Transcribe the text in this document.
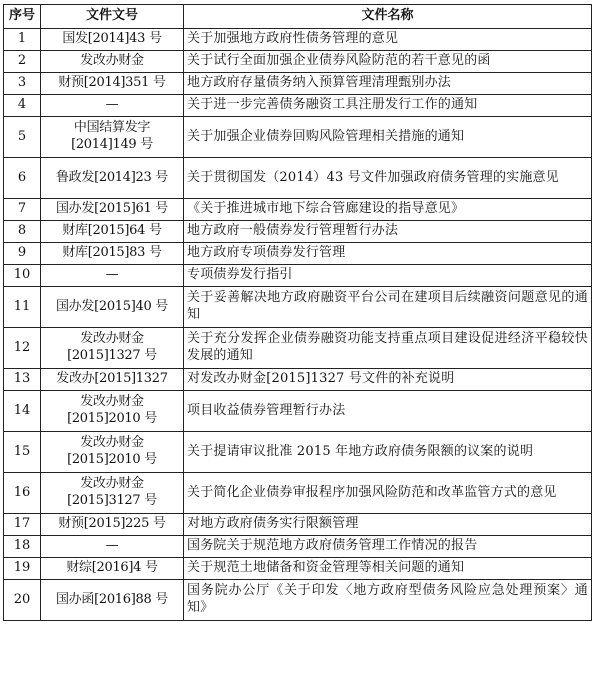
序号	文件文号	文件名称
1	国发[2014]43 号	关于加强地方政府性债务管理的意见
2	发改办财金	关于试行全面加强企业债券风险防范的若干意见的函
3	财预[2014]351 号	地方政府存量债务纳入预算管理清理甄别办法
4	—	关于进一步完善债务融资工具注册发行工作的通知
5	中国结算发字[2014]149 号	关于加强企业债券回购风险管理相关措施的通知
6	鲁政发[2014]23 号	关于贯彻国发（2014）43 号文件加强政府债务管理的实施意见
7	国办发[2015]61 号	《关于推进城市地下综合管廊建设的指导意见》
8	财库[2015]64 号	地方政府一般债券发行管理暂行办法
9	财库[2015]83 号	地方政府专项债券发行管理
10	—	专项债券发行指引
11	国办发[2015]40 号	关于妥善解决地方政府融资平台公司在建项目后续融资问题意见的通知
12	发改办财金[2015]1327 号	关于充分发挥企业债券融资功能支持重点项目建设促进经济平稳较快发展的通知
13	发改办[2015]1327	对发改办财金[2015]1327 号文件的补充说明
14	发改办财金[2015]2010 号	项目收益债券管理暂行办法
15	发改办财金[2015]2010 号	关于提请审议批准 2015 年地方政府债务限额的议案的说明
16	发改办财金[2015]3127 号	关于简化企业债券审报程序加强风险防范和改革监管方式的意见
17	财预[2015]225 号	对地方政府债务实行限额管理
18	—	国务院关于规范地方政府债务管理工作情况的报告
19	财综[2016]4 号	关于规范土地储备和资金管理等相关问题的通知
20	国办函[2016]88 号	国务院办公厅《关于印发〈地方政府型债务风险应急处理预案〉通知》
